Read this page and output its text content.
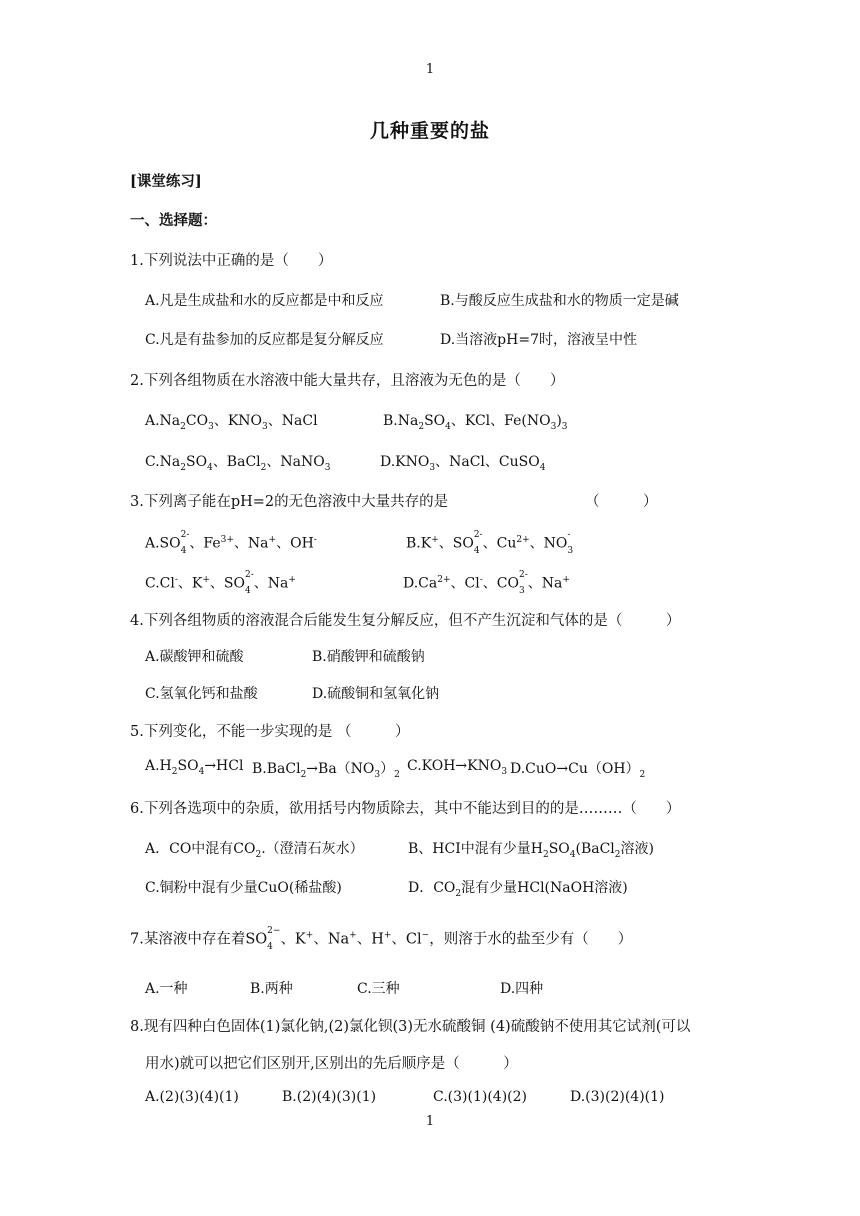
1
几种重要的盐
[课堂练习]
一、选择题：
1.下列说法中正确的是（　　）
A.凡是生成盐和水的反应都是中和反应	B.与酸反应生成盐和水的物质一定是碱
C.凡是有盐参加的反应都是复分解反应	D.当溶液pH=7时，溶液呈中性
2.下列各组物质在水溶液中能大量共存，且溶液为无色的是（　　）
$A.Na_2CO_3$、$KNO_3$、NaCl	$B.Na_2SO_4$、KCl、$Fe(NO_3)_3$
$C.Na_2SO_4$、BaCl$_2$、NaNO$_3$	$D.KNO_3$、NaCl、CuSO$_4$
3.下列离子能在pH=2的无色溶液中大量共存的是	（　　　）
$A.SO^{2-}$
$_4$ 、$Fe^{3+}$、Na+、OH-	B.K+、$SO^{2-}$
$_4$ 、$Cu^{2+}$、NO-
$_3$
C.Cl-、K+、$SO^{2-}$
$_4$ 、Na+	$D.Ca^{2+}$、Cl-、$CO^{2-}$
$_3$ 、Na+
4.下列各组物质的溶液混合后能发生复分解反应，但不产生沉淀和气体的是（　　　）
A.碳酸钾和硫酸	B.硝酸钾和硫酸钠
C.氢氧化钙和盐酸	D.硫酸铜和氢氧化钠
5.下列变化，不能一步实现的是 （　　　）
$A.H_2SO_4\to HCl$ $B.BaCl_2\to Ba(NO_3)_2$
$C.KOH\to KNO_3$ $D.CuO\to Cu(OH)_2$
6.下列各选项中的杂质，欲用括号内物质除去，其中不能达到目的的是………（　　）
A．CO中混有$CO_2$.（澄清石灰水）	B、HCI中混有少量$H_2SO_4(BaCl_2$溶液)
C.铜粉中混有少量CuO(稀盐酸)	D．$CO_2$混有少量HCl(NaOH溶液)
7.某溶液中存在着$SO^{2-}$
$_4$ 、K+、Na+、H+、Cl−，则溶于水的盐至少有（　　）
A.一种	B.两种	C.三种	D.四种
8.现有四种白色固体(1)氯化钠,(2)氯化钡(3)无水硫酸铜 (4)硫酸钠不使用其它试剂(可以
用水)就可以把它们区别开,区别出的先后顺序是（　　　）
A.(2)(3)(4)(1)	B.(2)(4)(3)(1)	C.(3)(1)(4)(2)	D.(3)(2)(4)(1)
1
